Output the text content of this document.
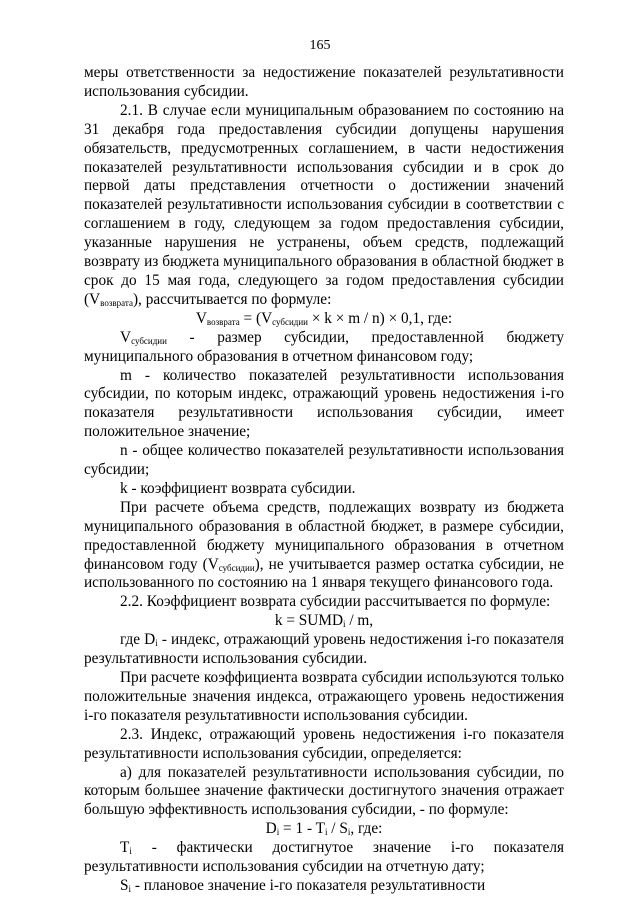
165

меры ответственности за недостижение показателей результативности использования субсидии.

2.1. В случае если муниципальным образованием по состоянию на 31 декабря года предоставления субсидии допущены нарушения обязательств, предусмотренных соглашением, в части недостижения показателей результативности использования субсидии и в срок до первой даты представления отчетности о достижении значений показателей результативности использования субсидии в соответствии с соглашением в году, следующем за годом предоставления субсидии, указанные нарушения не устранены, объем средств, подлежащий возврату из бюджета муниципального образования в областной бюджет в срок до 15 мая года, следующего за годом предоставления субсидии $(V_{возврата})$, рассчитывается по формуле:

$V_{возврата} = (V_{субсидии} \times k \times m / n) \times 0,1$, где:

$V_{субсидии}$ - размер субсидии, предоставленной бюджету муниципального образования в отчетном финансовом году;

m - количество показателей результативности использования субсидии, по которым индекс, отражающий уровень недостижения i-го показателя результативности использования субсидии, имеет положительное значение;

n - общее количество показателей результативности использования субсидии;

k - коэффициент возврата субсидии.

При расчете объема средств, подлежащих возврату из бюджета муниципального образования в областной бюджет, в размере субсидии, предоставленной бюджету муниципального образования в отчетном финансовом году $(V_{субсидии})$, не учитывается размер остатка субсидии, не использованного по состоянию на 1 января текущего финансового года.

2.2. Коэффициент возврата субсидии рассчитывается по формуле:

$k = SUMD_i / m$,

где $D_i$ - индекс, отражающий уровень недостижения i-го показателя результативности использования субсидии.

При расчете коэффициента возврата субсидии используются только положительные значения индекса, отражающего уровень недостижения i-го показателя результативности использования субсидии.

2.3. Индекс, отражающий уровень недостижения i-го показателя результативности использования субсидии, определяется:

а) для показателей результативности использования субсидии, по которым большее значение фактически достигнутого значения отражает большую эффективность использования субсидии, - по формуле:

$D_i = 1 - T_i / S_i$, где:

$T_i$ - фактически достигнутое значение i-го показателя результативности использования субсидии на отчетную дату;

$S_i$ - плановое значение i-го показателя результативности
